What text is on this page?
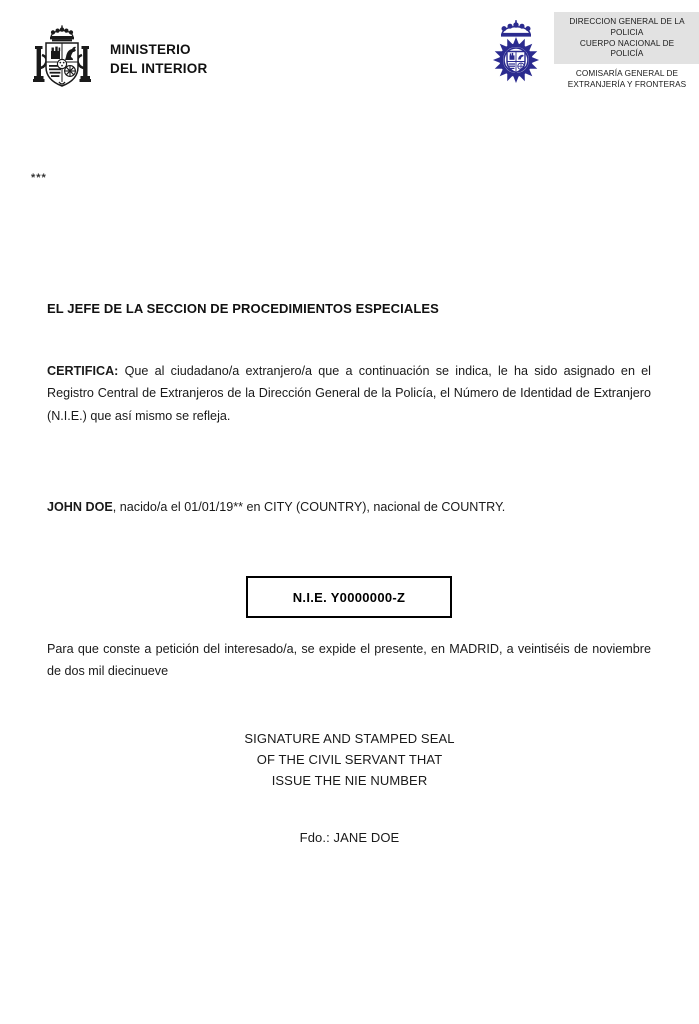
MINISTERIO
DEL INTERIOR
DIRECCION GENERAL DE LA
POLICIA
CUERPO NACIONAL DE
POLICÍA
COMISARÍA GENERAL DE
EXTRANJERÍA Y FRONTERAS
***
EL JEFE DE LA SECCION DE PROCEDIMIENTOS ESPECIALES
CERTIFICA: Que al ciudadano/a extranjero/a que a continuación se indica, le ha sido asignado en el Registro Central de Extranjeros de la Dirección General de la Policía, el Número de Identidad de Extranjero (N.I.E.) que así mismo se refleja.
JOHN DOE, nacido/a el 01/01/19** en CITY (COUNTRY), nacional de COUNTRY.
N.I.E. Y0000000-Z
Para que conste a petición del interesado/a, se expide el presente, en MADRID, a veintiséis de noviembre de dos mil diecinueve
SIGNATURE AND STAMPED SEAL
OF THE CIVIL SERVANT THAT
ISSUE THE NIE NUMBER
Fdo.: JANE DOE
